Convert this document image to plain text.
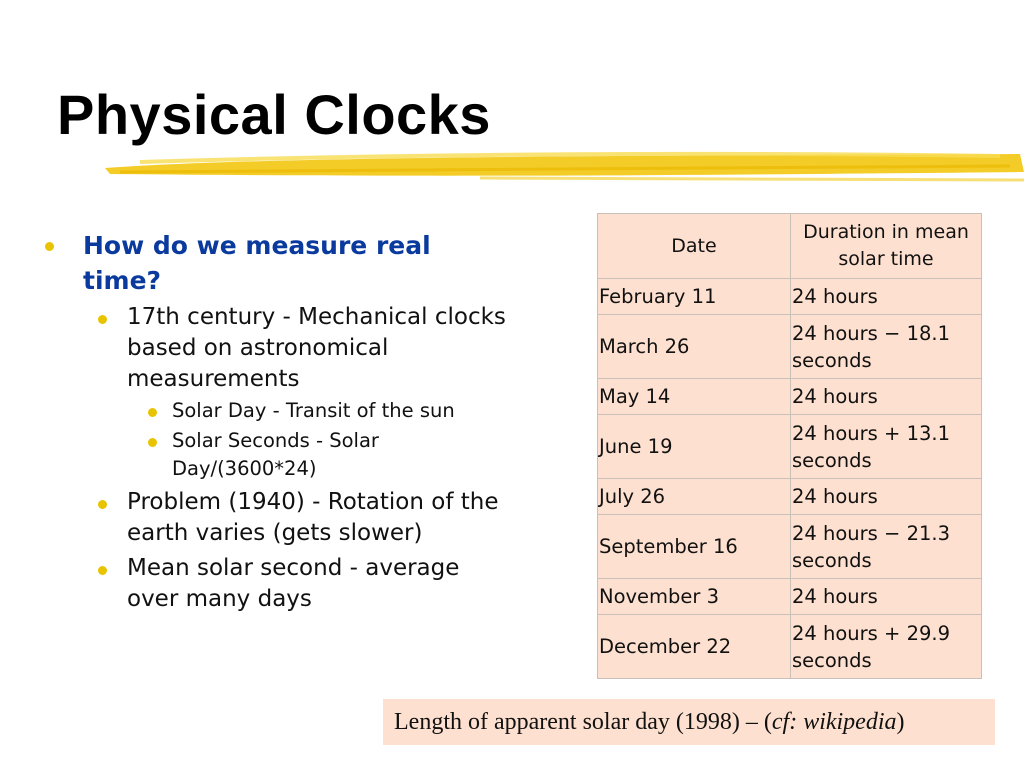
Physical Clocks
How do we measure real time?
17th century - Mechanical clocks based on astronomical measurements
Solar Day - Transit of the sun
Solar Seconds - Solar Day/(3600*24)
Problem (1940) - Rotation of the earth varies (gets slower)
Mean solar second - average over many days
Date	Duration in mean solar time
February 11	24 hours
March 26	24 hours − 18.1 seconds
May 14	24 hours
June 19	24 hours + 13.1 seconds
July 26	24 hours
September 16	24 hours − 21.3 seconds
November 3	24 hours
December 22	24 hours + 29.9 seconds
Length of apparent solar day (1998) – (cf: wikipedia)
